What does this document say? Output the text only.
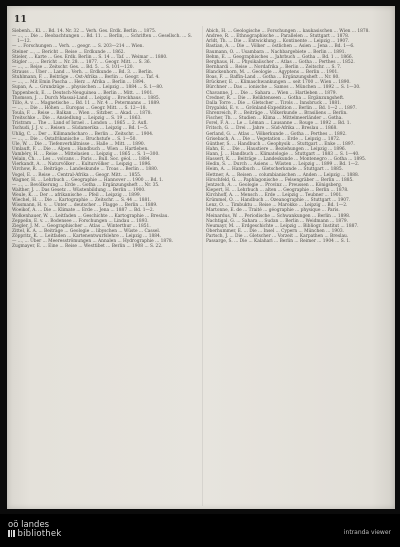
11

Siebenh... Kl. ... Bd. 14. Nr. 32 ... Verh. Ges. Erdk. Berlin ... 1875.

— ..., ... Die ... Beobachtungen ... Bd. 11. ... Berlin, ... Schriften ... Gesellsch. ... S. 1—12.

— ... Forschungen ... Verh. ... geogr. ... S. 203—214 ... Wien.

Steiner ..., ... Bericht ... Reise ... Erdkunde ... 1862.

Stieler, ... Karte ... Ges. Erdk. Berlin ... S. 14 ... Taf. ... Weimar ... 1880.

Stigler ..., ... Bericht ... Nr. 28. ... 1877. ... Geogr. Mitt. ... S. 36.

— ..., ... Reise ... Zeitschr. Ges. ... Bd. 5. ... S. 101—120.

Strauss ... Über ... Land ... Verh. ... Erdkunde ... Bd. 3. ... Berlin.

Stuhlmann, F. ... Beiträge ... Ost-Afrika ... Berlin ... Geogr. ... Taf. 4.

— ..., ... Mit Emin Pascha ... Herz ... Afrika ... Berlin ... 1894.

Supan, A. ... Grundzüge ... physischen ... Leipzig ... 1884 ... S. 1—80.

Tappenbeck, E. ... Deutsch-Neuguinea ... Berlin ... Mitt. ... 1901.

Thomson, J. ... Durch Massai-Land ... Leipzig ... Brockhaus ... 1885.

Tillo, A. v. ... Magnetische ... Bd. 11 ... Nr. 4 ... Petermanns ... 1889.

— ..., ... Die ... Höhen ... Europas ... Geogr. Mitt. ... S. 12—18.

Toula, F. ... Reise ... Balkan ... Wien ... Sitzber. ... Akad. ... 1878.

Treitschke ... Die ... Ansiedlung ... Leipzig ... S. 19 ... 1863.

Tristram ... The ... Land of Israel ... London ... 1865 ... 2. Aufl.

Tschudi, J. J. v. ... Reisen ... Südamerika ... Leipzig ... Bd. 1—5.

Uhlig, C. ... Der ... Kilimandscharo ... Berlin ... Zeitschr. ... 1904.

— ..., ... Die ... Ostafrikanische ... Bruchstufe ... S. 1—50.

Ule, W. ... Die ... Tiefenverhältnisse ... Halle ... Mitt. ... 1890.

Umlauft, F. ... Die ... Alpen ... Handbuch ... Wien ... Hartleben.

Vambéry, H. ... Reise ... Mittelasien ... Leipzig ... 1865 ... S. 1—300.

Velain, Ch. ... Les ... volcans ... Paris ... Bull. Soc. géol. ... 1884.

Vierkandt, A. ... Naturvölker ... Kulturvölker ... Leipzig ... 1896.

Virchow, R. ... Beiträge ... Landeskunde ... Troas ... Berlin ... 1880.

Vogel, E. ... Reise ... Central-Afrika ... Geogr. Mitt. ... 1855.

Wagner, H. ... Lehrbuch ... Geographie ... Hannover ... 1900 ... Bd. 1.

— ..., ... Bevölkerung ... Erde ... Gotha ... Ergänzungsheft ... Nr. 35.

Walther, J. ... Das Gesetz ... Wüstenbildung ... Berlin ... 1900.

Weule, K. ... Der ... afrikanische ... Pfeil ... Leipzig ... 1899.

Wiechel, H. ... Die ... Kartographie ... Zeitschr. ... S. 44 ... 1881.

Wissmann, H. v. ... Unter ... deutscher ... Flagge ... Berlin ... 1889.

Woeikof, A. ... Die ... Klimate ... Erde ... Jena ... 1887 ... Bd. 1—2.

Wolkenhauer, W. ... Leitfaden ... Geschichte ... Kartographie ... Breslau.

Zeppelin, E. v. ... Bodensee ... Forschungen ... Lindau ... 1893.

Ziegler, J. M. ... Geographischer ... Atlas ... Winterthur ... 1851.

Zittel, K. A. ... Beiträge ... Geologie ... libyschen ... Wüste ... Cassel.

Zöppritz, K. ... Leitfaden ... Kartenentwurfslehre ... Leipzig ... 1884.

— ..., ... Über ... Meeresströmungen ... Annalen ... Hydrographie ... 1878.

Zugmayer, E. ... Eine ... Reise ... Westtibet ... Berlin ... 1908 ... S. 22.

Abich, H. ... Geologische ... Forschungen ... kaukasischen ... Wien ... 1878.

Andree, R. ... Ethnographische ... Parallelen ... Stuttgart ... 1878.

Arldt, Th. ... Die ... Entwicklung ... Kontinente ... Leipzig ... 1907.

Bastian, A. ... Die ... Völker ... östlichen ... Asien ... Jena ... Bd. 1—6.

Baumann, O. ... Usambara ... Nachbargebiete ... Berlin ... 1891.

Behm, E. ... Geographisches ... Jahrbuch ... Gotha ... Bd. 1 ... 1866.

Berghaus, H. ... Physikalischer ... Atlas ... Gotha ... Perthes ... 1852.

Bernhardi ... Reise ... Nordafrika ... Berlin ... Zeitschr. ... S. 7.

Blanckenhorn, M. ... Geologie ... Ägyptens ... Berlin ... 1901.

Boas, F. ... Baffin-Land ... Gotha ... Ergänzungsheft ... Nr. 80.

Brückner, E. ... Klimaschwankungen ... seit 1700 ... Wien ... 1890.

Bürchner ... Das ... ionische ... Samos ... München ... 1892 ... S. 1—30.

Chavanne, J. ... Die ... Sahara ... Wien ... Hartleben ... 1879.

Credner, R. ... Die ... Reliktenseen ... Gotha ... Ergänzungsheft.

Dalla Torre ... Die ... Gletscher ... Tirols ... Innsbruck ... 1881.

Drygalski, E. v. ... Grönland-Expedition ... Berlin ... Bd. 1—2 ... 1897.

Ehrenreich, P. ... Beiträge ... Völkerkunde ... Brasiliens ... Berlin.

Fischer, Th. ... Studien ... Klima ... Mittelmeerländer ... Gotha.

Forel, F. A. ... Le ... Léman ... Lausanne ... Rouge ... 1892 ... Bd. 1.

Fritsch, G. ... Drei ... Jahre ... Süd-Afrika ... Breslau ... 1868.

Gerland, G. ... Atlas ... Völkerkunde ... Gotha ... Perthes ... 1892.

Grisebach, A. ... Die ... Vegetation ... Erde ... Leipzig ... 1872.

Günther, S. ... Handbuch ... Geophysik ... Stuttgart ... Enke ... 1897.

Hahn, E. ... Die ... Haustiere ... Beziehungen ... Leipzig ... 1896.

Hann, J. ... Handbuch ... Klimatologie ... Stuttgart ... 1883 ... S. 1—40.

Hassert, K. ... Beiträge ... Landeskunde ... Montenegro ... Gotha ... 1895.

Hedin, S. ... Durch ... Asiens ... Wüsten ... Leipzig ... 1899 ... Bd. 1—2.

Heim, A. ... Handbuch ... Gletscherkunde ... Stuttgart ... 1885.

Hettner, A. ... Reisen ... columbianischen ... Anden ... Leipzig ... 1888.

Hirschfeld, G. ... Paphlagonische ... Felsengräber ... Berlin ... 1885.

Jentzsch, A. ... Geologie ... Provinz ... Preussen ... Königsberg.

Kiepert, H. ... Lehrbuch ... alten ... Geographie ... Berlin ... 1878.

Kirchhoff, A. ... Mensch ... Erde ... Leipzig ... Teubner ... 1901.

Krümmel, O. ... Handbuch ... Ozeanographie ... Stuttgart ... 1907.

Lenz, O. ... Timbuktu ... Reise ... Marokko ... Leipzig ... Bd. 1—2.

Martonne, E. de ... Traité ... géographie ... physique ... Paris.

Meinardus, W. ... Periodische ... Schwankungen ... Berlin ... 1898.

Nachtigal, G. ... Sahara ... Sudan ... Berlin ... Weidmann ... 1879.

Neumayr, M. ... Erdgeschichte ... Leipzig ... Bibliogr. Institut ... 1887.

Oberhummer, E. ... Die ... Insel ... Cypern ... München ... 1903.

Partsch, J. ... Die ... Gletscher ... Vorzeit ... Karpathen ... Breslau.

Passarge, S. ... Die ... Kalahari ... Berlin ... Reimer ... 1904 ... S. 1.

oö landes
bibliothek	intranda viewer
